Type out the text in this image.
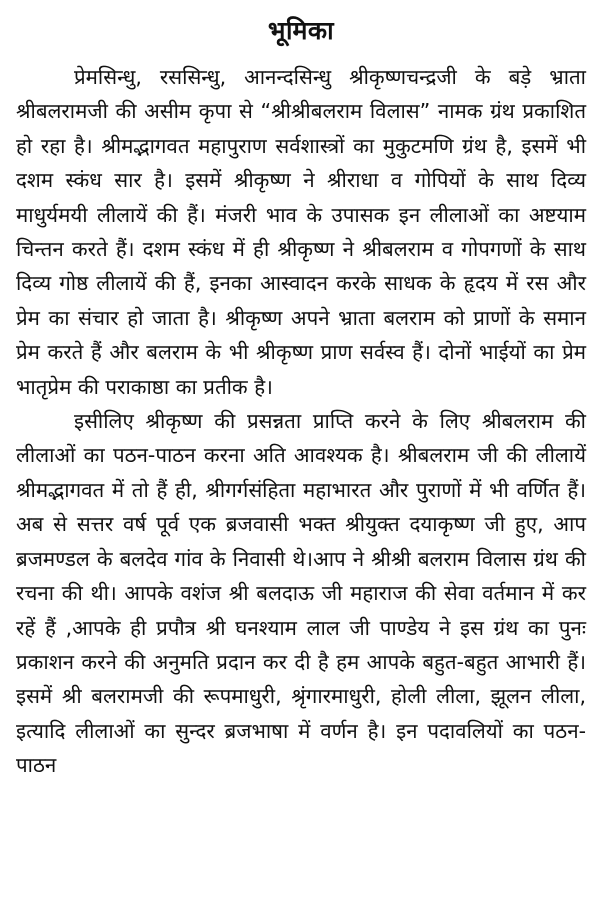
भूमिका

प्रेमसिन्धु, रससिन्धु, आनन्दसिन्धु श्रीकृष्णचन्द्रजी के बड़े भ्राता श्रीबलरामजी की असीम कृपा से “श्रीश्रीबलराम विलास” नामक ग्रंथ प्रकाशित हो रहा है। श्रीमद्भागवत महापुराण सर्वशास्त्रों का मुकुटमणि ग्रंथ है, इसमें भी दशम स्कंध सार है। इसमें श्रीकृष्ण ने श्रीराधा व गोपियों के साथ दिव्य माधुर्यमयी लीलायें की हैं। मंजरी भाव के उपासक इन लीलाओं का अष्टयाम चिन्तन करते हैं। दशम स्कंध में ही श्रीकृष्ण ने श्रीबलराम व गोपगणों के साथ दिव्य गोष्ठ लीलायें की हैं, इनका आस्वादन करके साधक के हृदय में रस और प्रेम का संचार हो जाता है। श्रीकृष्ण अपने भ्राता बलराम को प्राणों के समान प्रेम करते हैं और बलराम के भी श्रीकृष्ण प्राण सर्वस्व हैं। दोनों भाईयों का प्रेम भातृप्रेम की पराकाष्ठा का प्रतीक है।

इसीलिए श्रीकृष्ण की प्रसन्नता प्राप्ति करने के लिए श्रीबलराम की लीलाओं का पठन-पाठन करना अति आवश्यक है। श्रीबलराम जी की लीलायें श्रीमद्भागवत में तो हैं ही, श्रीगर्गसंहिता महाभारत और पुराणों में भी वर्णित हैं। अब से सत्तर वर्ष पूर्व एक ब्रजवासी भक्त श्रीयुक्त दयाकृष्ण जी हुए, आप ब्रजमण्डल के बलदेव गांव के निवासी थे।आप ने श्रीश्री बलराम विलास ग्रंथ की रचना की थी। आपके वशंज श्री बलदाऊ जी महाराज की सेवा वर्तमान में कर रहें हैं ,आपके ही प्रपौत्र श्री घनश्याम लाल जी पाण्डेय ने इस ग्रंथ का पुनः प्रकाशन करने की अनुमति प्रदान कर दी है हम आपके बहुत-बहुत आभारी हैं। इसमें श्री बलरामजी की रूपमाधुरी, श्रृंगारमाधुरी, होली लीला, झूलन लीला, इत्यादि लीलाओं का सुन्दर ब्रजभाषा में वर्णन है। इन पदावलियों का पठन-पाठन
